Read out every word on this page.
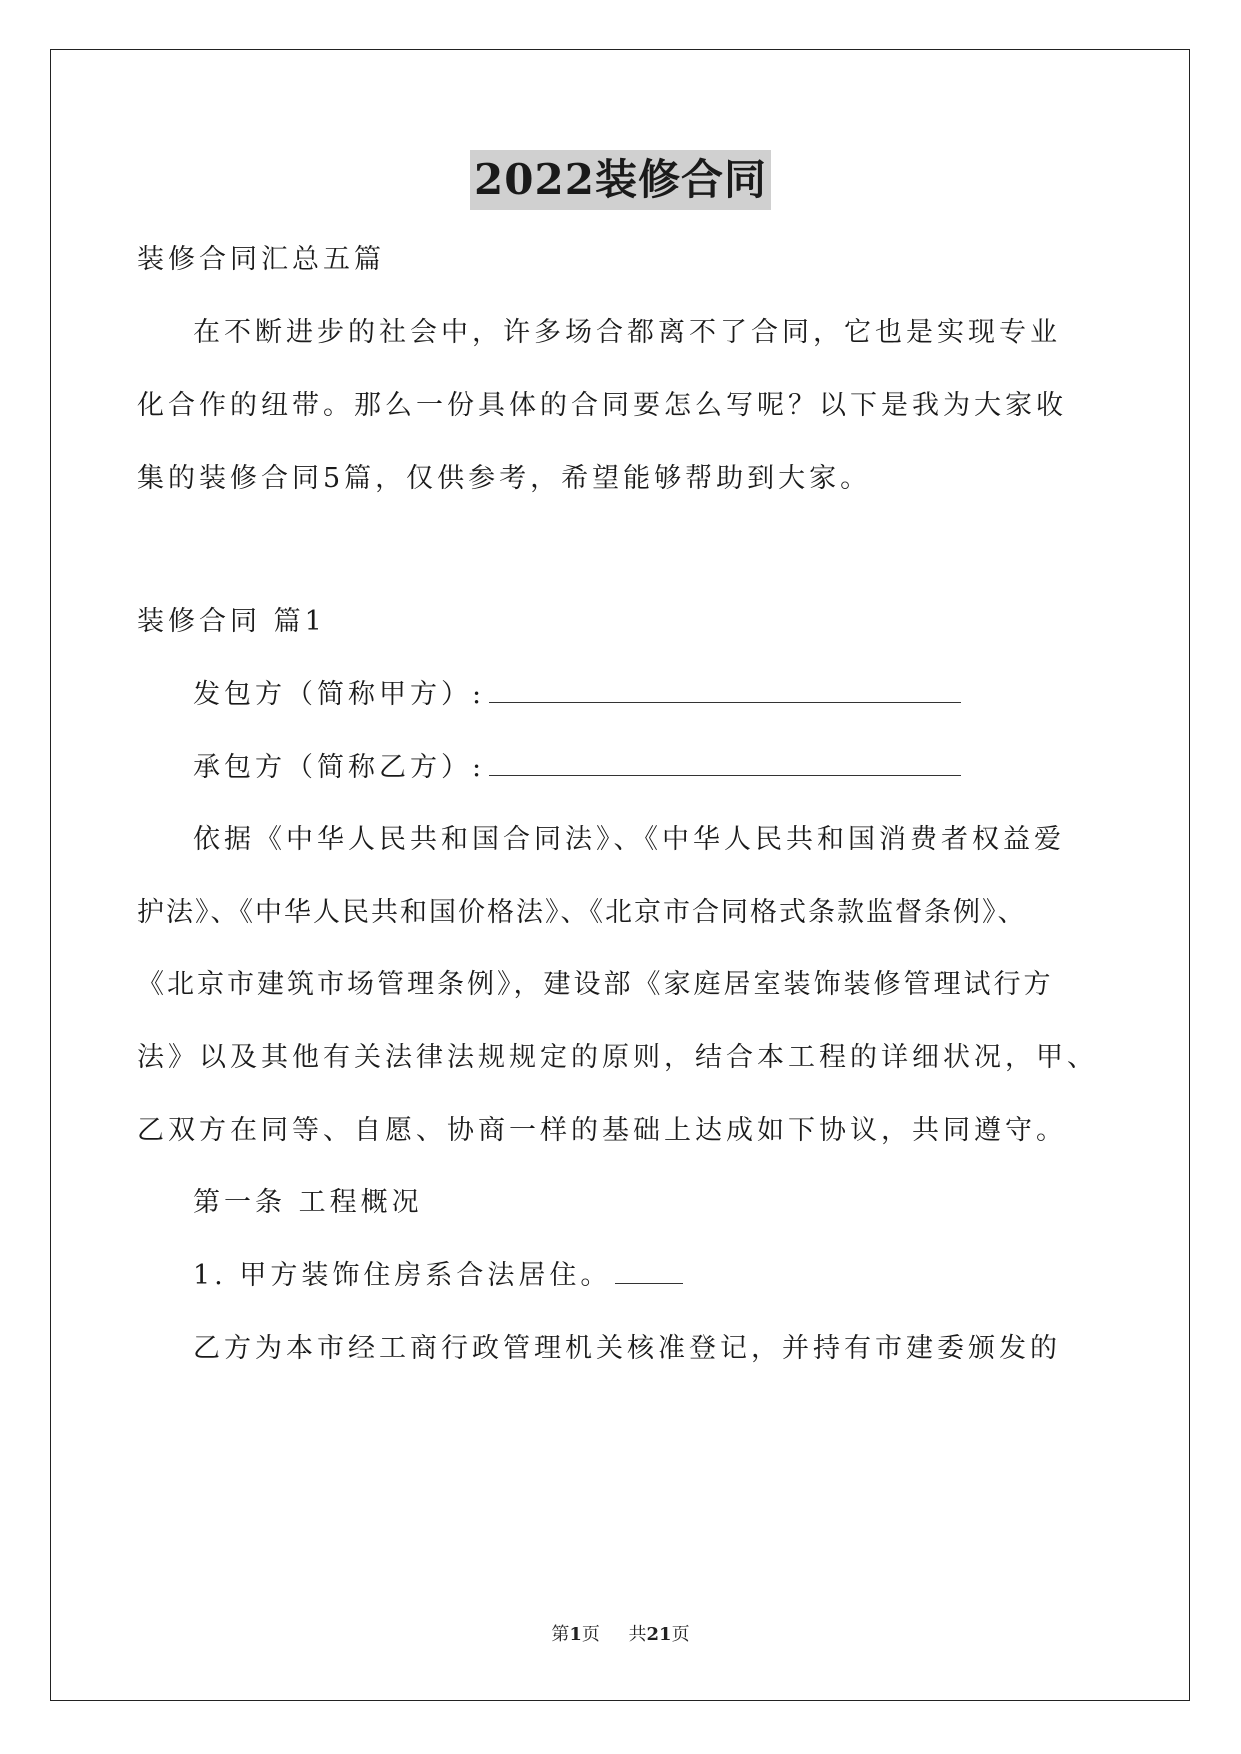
2022装修合同
装修合同汇总五篇
在不断进步的社会中，许多场合都离不了合同，它也是实现专业
化合作的纽带。那么一份具体的合同要怎么写呢？以下是我为大家收
集的装修合同5篇，仅供参考，希望能够帮助到大家。
装修合同 篇1
发包方（简称甲方）:
承包方（简称乙方）:
依据《中华人民共和国合同法》、《中华人民共和国消费者权益爱
护法》、《中华人民共和国价格法》、《北京市合同格式条款监督条例》、
《北京市建筑市场管理条例》，建设部《家庭居室装饰装修管理试行方
法》以及其他有关法律法规规定的原则，结合本工程的详细状况，甲、
乙双方在同等、自愿、协商一样的基础上达成如下协议，共同遵守。
第一条 工程概况
1. 甲方装饰住房系合法居住。
乙方为本市经工商行政管理机关核准登记，并持有市建委颁发的
第1页 共21页
